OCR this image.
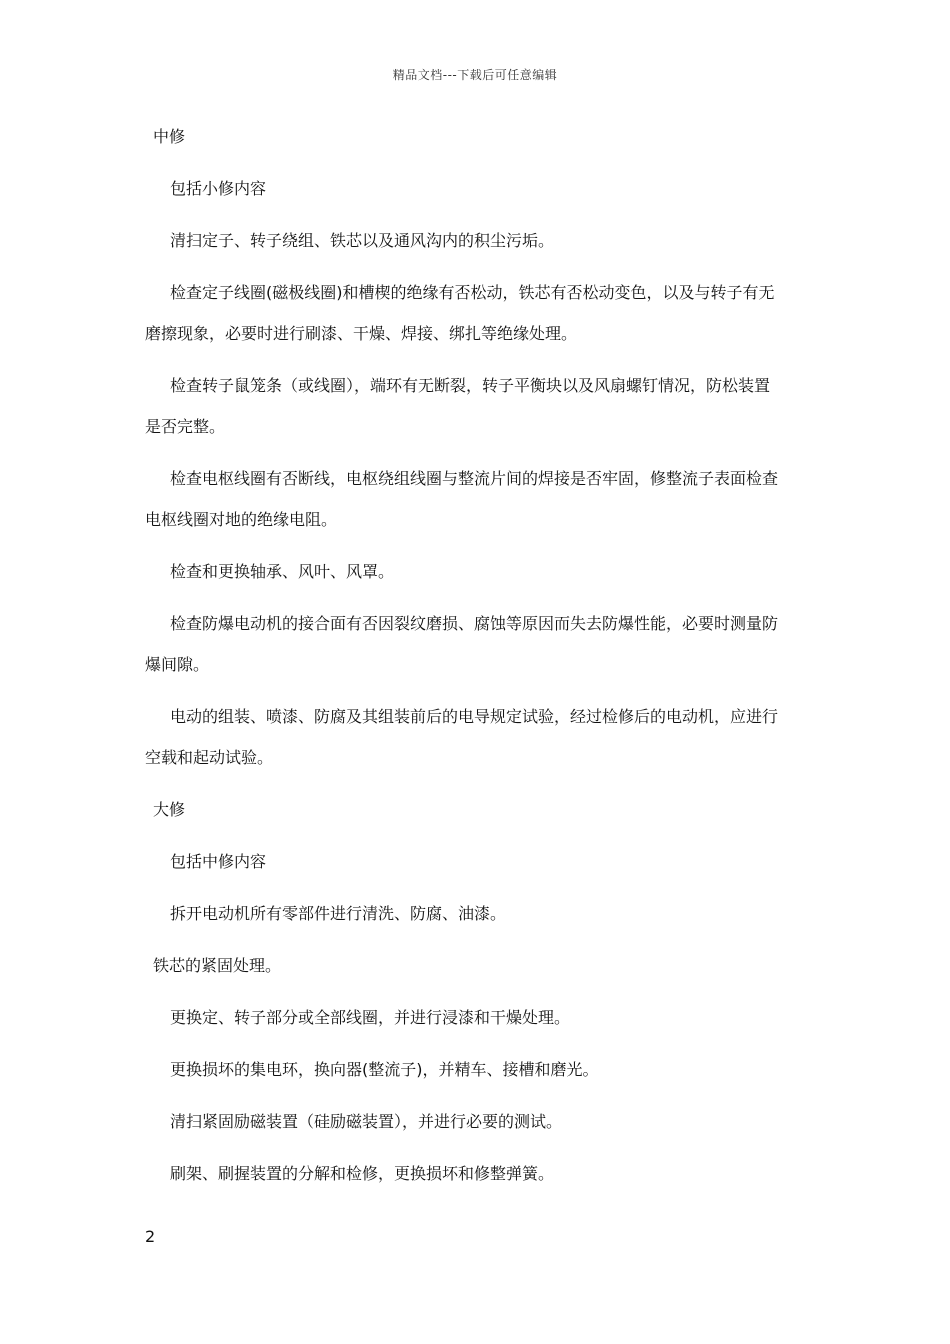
精品文档---下载后可任意编辑
中修
包括小修内容
清扫定子、转子绕组、铁芯以及通风沟内的积尘污垢。
检查定子线圈(磁极线圈)和槽楔的绝缘有否松动，铁芯有否松动变色，以及与转子有无
磨擦现象，必要时进行刷漆、干燥、焊接、绑扎等绝缘处理。
检查转子鼠笼条（或线圈），端环有无断裂，转子平衡块以及风扇螺钉情况，防松装置
是否完整。
检查电枢线圈有否断线，电枢绕组线圈与整流片间的焊接是否牢固，修整流子表面检查
电枢线圈对地的绝缘电阻。
检查和更换轴承、风叶、风罩。
检查防爆电动机的接合面有否因裂纹磨损、腐蚀等原因而失去防爆性能，必要时测量防
爆间隙。
电动的组装、喷漆、防腐及其组装前后的电导规定试验，经过检修后的电动机，应进行
空载和起动试验。
大修
包括中修内容
拆开电动机所有零部件进行清洗、防腐、油漆。
铁芯的紧固处理。
更换定、转子部分或全部线圈，并进行浸漆和干燥处理。
更换损坏的集电环，换向器(整流子)，并精车、接槽和磨光。
清扫紧固励磁装置（硅励磁装置），并进行必要的测试。
刷架、刷握装置的分解和检修，更换损坏和修整弹簧。
2
